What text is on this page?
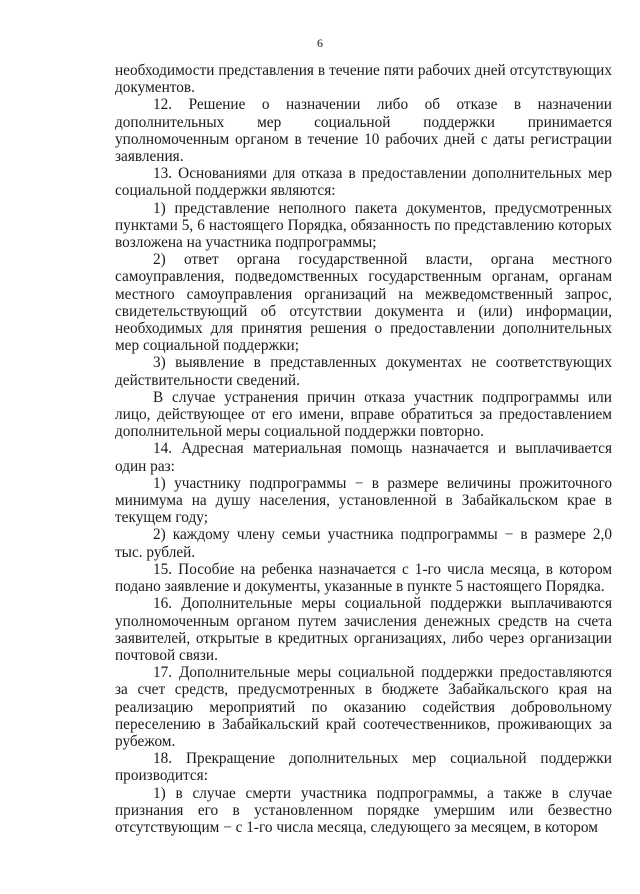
6

необходимости представления в течение пяти рабочих дней отсутствующих документов.

12. Решение о назначении либо об отказе в назначении дополнительных мер социальной поддержки принимается уполномоченным органом в течение 10 рабочих дней с даты регистрации заявления.

13. Основаниями для отказа в предоставлении дополнительных мер социальной поддержки являются:

1) представление неполного пакета документов, предусмотренных пунктами 5, 6 настоящего Порядка, обязанность по представлению которых возложена на участника подпрограммы;

2) ответ органа государственной власти, органа местного самоуправления, подведомственных государственным органам, органам местного самоуправления организаций на межведомственный запрос, свидетельствующий об отсутствии документа и (или) информации, необходимых для принятия решения о предоставлении дополнительных мер социальной поддержки;

3) выявление в представленных документах не соответствующих действительности сведений.

В случае устранения причин отказа участник подпрограммы или лицо, действующее от его имени, вправе обратиться за предоставлением дополнительной меры социальной поддержки повторно.

14. Адресная материальная помощь назначается и выплачивается один раз:

1) участнику подпрограммы − в размере величины прожиточного минимума на душу населения, установленной в Забайкальском крае в текущем году;

2) каждому члену семьи участника подпрограммы − в размере 2,0 тыс. рублей.

15. Пособие на ребенка назначается с 1-го числа месяца, в котором подано заявление и документы, указанные в пункте 5 настоящего Порядка.

16. Дополнительные меры социальной поддержки выплачиваются уполномоченным органом путем зачисления денежных средств на счета заявителей, открытые в кредитных организациях, либо через организации почтовой связи.

17. Дополнительные меры социальной поддержки предоставляются за счет средств, предусмотренных в бюджете Забайкальского края на реализацию мероприятий по оказанию содействия добровольному переселению в Забайкальский край соотечественников, проживающих за рубежом.

18. Прекращение дополнительных мер социальной поддержки производится:

1) в случае смерти участника подпрограммы, а также в случае признания его в установленном порядке умершим или безвестно отсутствующим − с 1-го числа месяца, следующего за месяцем, в котором
